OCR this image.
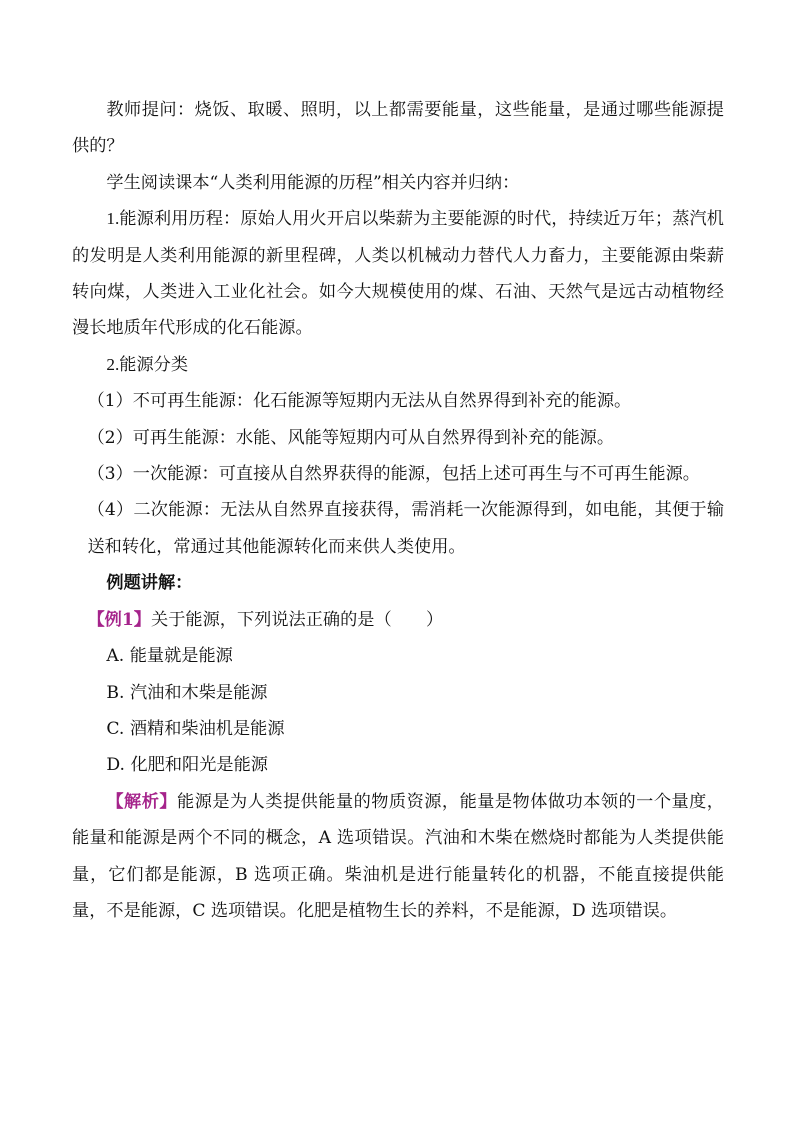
教师提问：烧饭、取暖、照明，以上都需要能量，这些能量，是通过哪些能源提供的？

学生阅读课本“人类利用能源的历程”相关内容并归纳：

1.能源利用历程：原始人用火开启以柴薪为主要能源的时代，持续近万年；蒸汽机的发明是人类利用能源的新里程碑，人类以机械动力替代人力畜力，主要能源由柴薪转向煤，人类进入工业化社会。如今大规模使用的煤、石油、天然气是远古动植物经漫长地质年代形成的化石能源。

2.能源分类

（1）不可再生能源：化石能源等短期内无法从自然界得到补充的能源。

（2）可再生能源：水能、风能等短期内可从自然界得到补充的能源。

（3）一次能源：可直接从自然界获得的能源，包括上述可再生与不可再生能源。

（4）二次能源：无法从自然界直接获得，需消耗一次能源得到，如电能，其便于输送和转化，常通过其他能源转化而来供人类使用。

例题讲解：

【例1】关于能源，下列说法正确的是（　　）

A. 能量就是能源

B. 汽油和木柴是能源

C. 酒精和柴油机是能源

D. 化肥和阳光是能源

【解析】能源是为人类提供能量的物质资源，能量是物体做功本领的一个量度，能量和能源是两个不同的概念，A 选项错误。汽油和木柴在燃烧时都能为人类提供能量，它们都是能源，B 选项正确。柴油机是进行能量转化的机器，不能直接提供能量，不是能源，C 选项错误。化肥是植物生长的养料，不是能源，D 选项错误。
